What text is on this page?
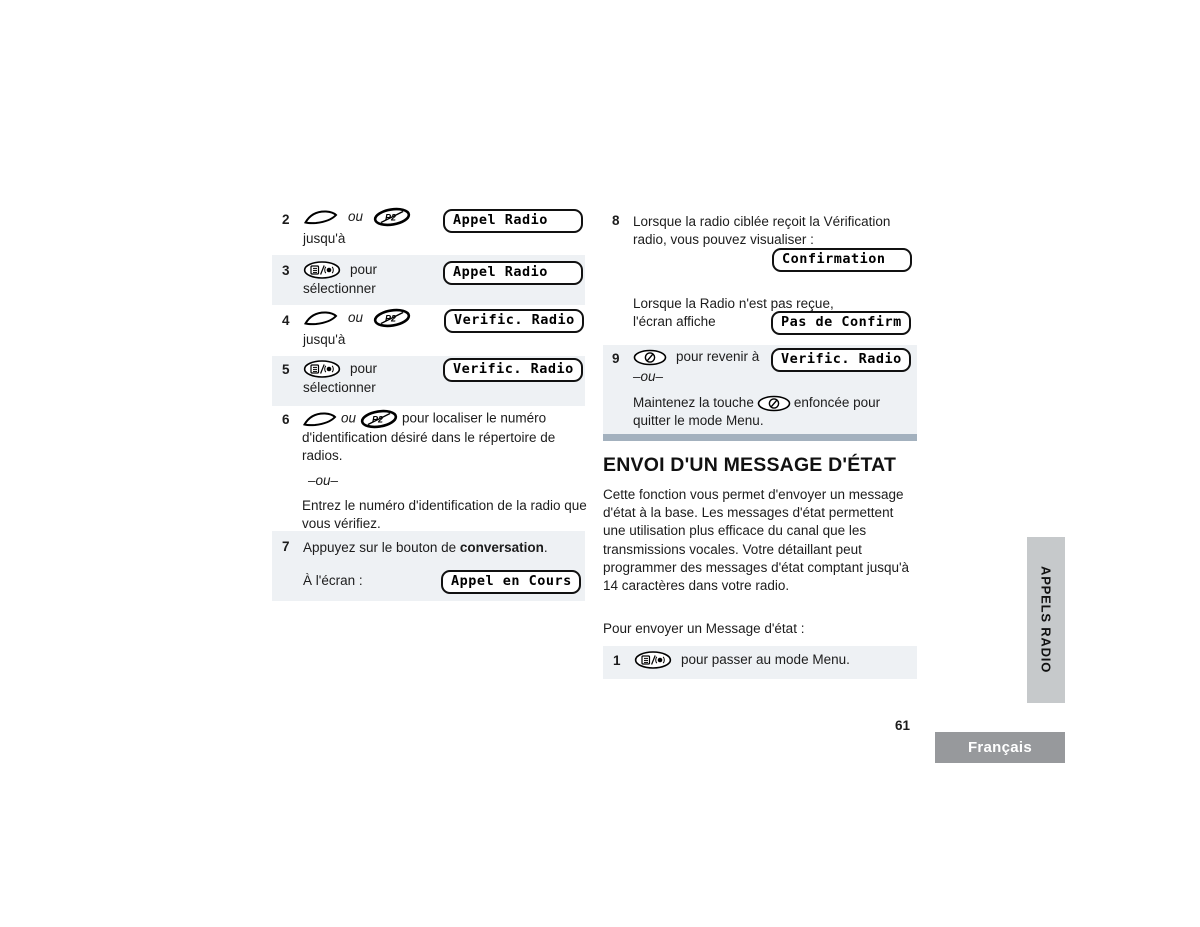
2	ou P2
jusqu'à
Appel Radio
3	pour
sélectionner
Appel Radio
4	ou P2
jusqu'à
Verific. Radio
5	pour
sélectionner
Verific. Radio
6	ou P2 pour localiser le numéro d'identification désiré dans le répertoire de radios.
–ou–
Entrez le numéro d'identification de la radio que vous vérifiez.
7 Appuyez sur le bouton de conversation.
À l'écran :	Appel en Cours
8 Lorsque la radio ciblée reçoit la Vérification radio, vous pouvez visualiser :
Confirmation
Lorsque la Radio n'est pas reçue,
l'écran affiche	Pas de Confirm
9	pour revenir à	Verific. Radio
–ou–
Maintenez la touche	enfoncée pour quitter le mode Menu.
ENVOI D'UN MESSAGE D'ÉTAT
Cette fonction vous permet d'envoyer un message d'état à la base. Les messages d'état permettent une utilisation plus efficace du canal que les transmissions vocales. Votre détaillant peut programmer des messages d'état comptant jusqu'à 14 caractères dans votre radio.
Pour envoyer un Message d'état :
1	pour passer au mode Menu.	APPELS RADIO
61
Français
